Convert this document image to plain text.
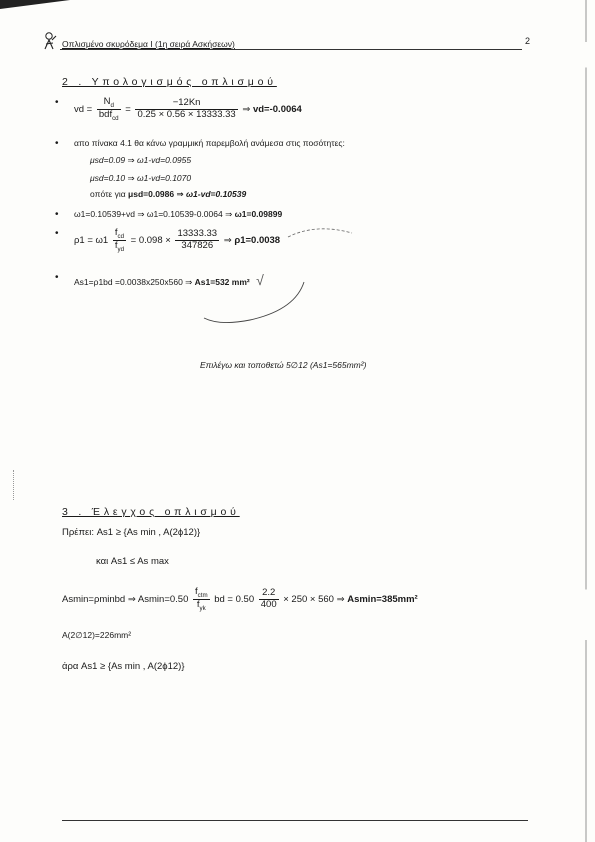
Οπλισμένο σκυρόδεμα Ι (1η σειρά Ασκήσεων)	2
2 . Υπολογισμός οπλισμού
• vd = $\frac{N_d}{bdf_{cd}} = \frac{-12Kn}{0.25 \times 0.56 \times 13333.33}$ ⇒ vd=-0.0064
• απο πίνακα 4.1 θα κάνω γραμμική παρεμβολή ανάμεσα στις ποσότητες:
μsd=0.09 ⇒ ω1-vd=0.0955
μsd=0.10 ⇒ ω1-vd=0.1070
οπότε για μsd=0.0986 ⇒ ω1-vd=0.10539
• ω1=0.10539+vd ⇒ ω1=0.10539-0.0064 ⇒ ω1=0.09899
• $\rho 1 = \omega 1 \frac{f_{cd}}{f_{yd}} = 0.098 \times \frac{13333.33}{347826}$ ⇒ ρ1=0.0038
• As1=ρ1bd =0.0038x250x560 ⇒ As1=532 mm² √
Επιλέγω και τοποθετώ 5∅12 (As1=565mm²)
3 . Έλεγχος οπλισμού
Πρέπει: As1 ≥ {As min , A(2ϕ12)}
και As1 ≤ As max
Asmin=ρminbd ⇒ $Asmin=0.50 \frac{f_{ctm}}{f_{yk}}$ bd = $0.50 \frac{2.2}{400} \times 250 \times 560$ ⇒ Asmin=385mm²
A(2∅12)=226mm²
άρα As1 ≥ {As min , A(2ϕ12)}
